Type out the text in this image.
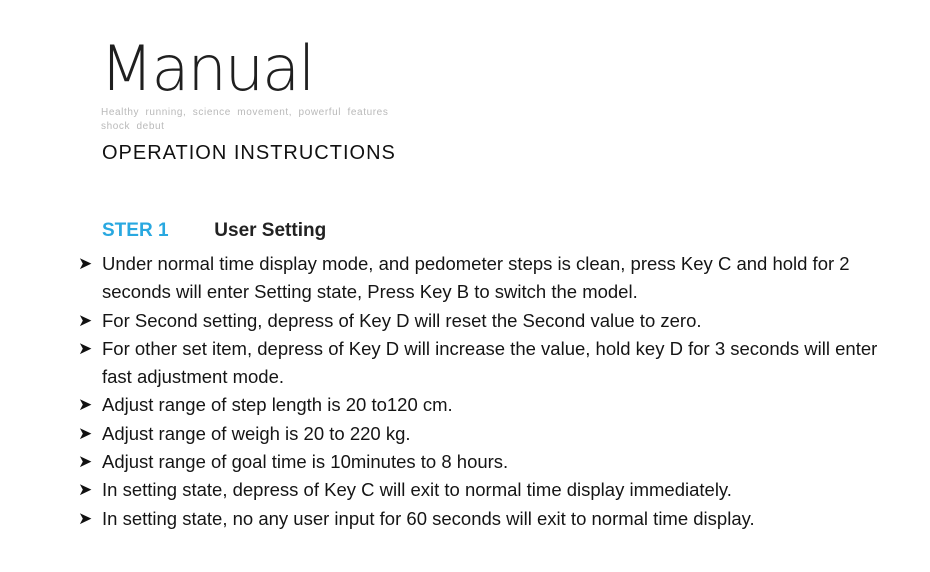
Manual
Healthy running, science movement, powerful features shock debut
OPERATION INSTRUCTIONS
STER 1 User Setting
➤ Under normal time display mode, and pedometer steps is clean, press Key C and hold for 2 seconds will enter Setting state, Press Key B to switch the model.
➤ For Second setting, depress of Key D will reset the Second value to zero.
➤ For other set item, depress of Key D will increase the value, hold key D for 3 seconds will enter fast adjustment mode.
➤ Adjust range of step length is 20 to120 cm.
➤ Adjust range of weigh is 20 to 220 kg.
➤ Adjust range of goal time is 10minutes to 8 hours.
➤ In setting state, depress of Key C will exit to normal time display immediately.
➤ In setting state, no any user input for 60 seconds will exit to normal time display.
